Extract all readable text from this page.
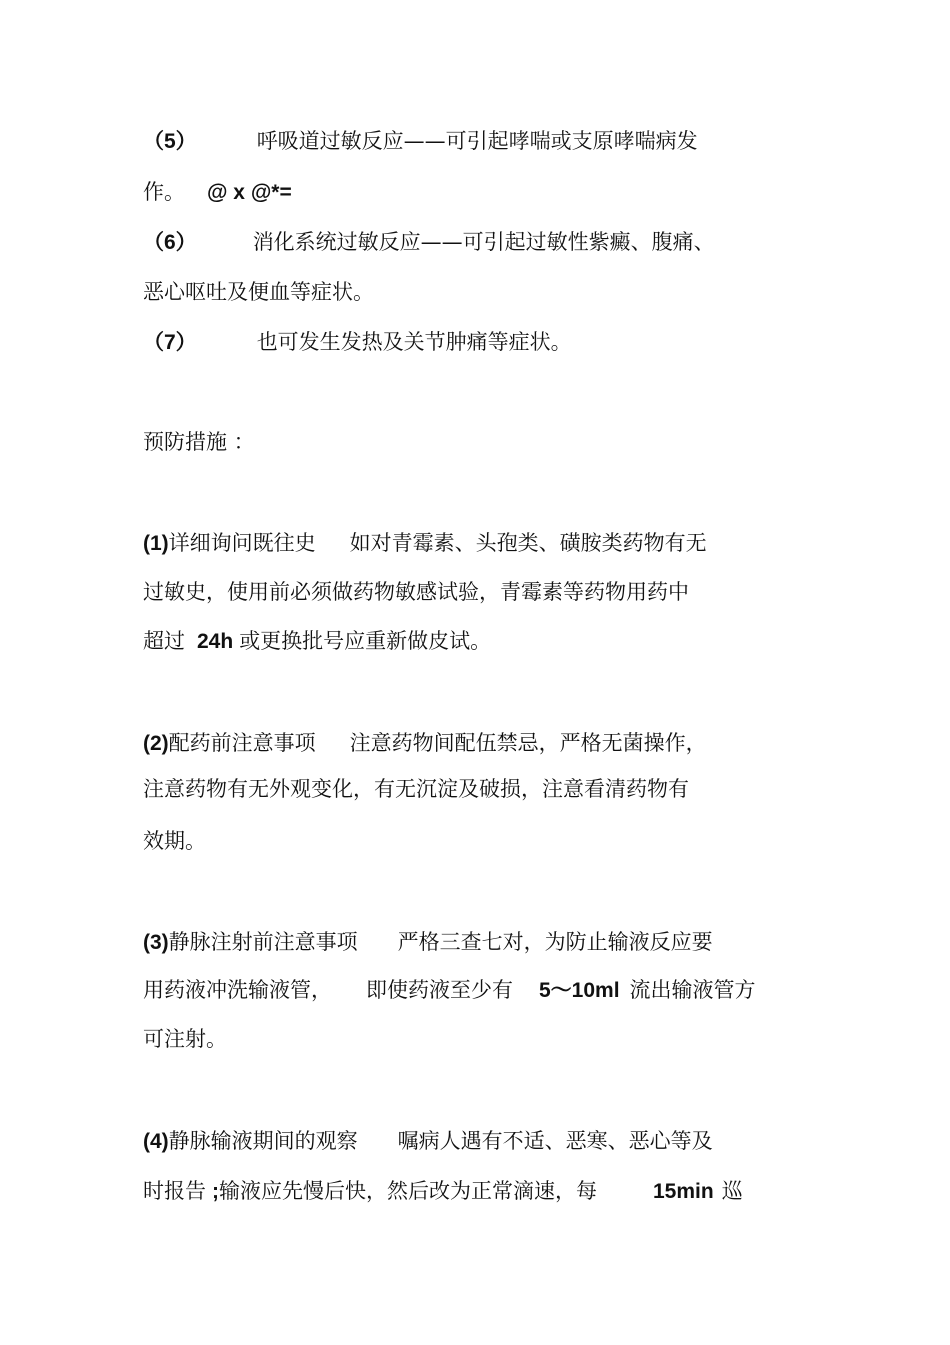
（5）	呼吸道过敏反应——可引起哮喘或支原哮喘病发
作。 @ x @*=
（6）	消化系统过敏反应——可引起过敏性紫癜、腹痛、
恶心呕吐及便血等症状。
（7）	也可发生发热及关节肿痛等症状。
预防措施 ：
(1)详细询问既往史 如对青霉素、头孢类、磺胺类药物有无
过敏史，使用前必须做药物敏感试验，青霉素等药物用药中
超过 24h 或更换批号应重新做皮试。
(2)配药前注意事项 注意药物间配伍禁忌，严格无菌操作，
注意药物有无外观变化，有无沉淀及破损，注意看清药物有
效期。
(3)静脉注射前注意事项 严格三查七对，为防止输液反应要
用药液冲洗输液管， 即使药液至少有 5～10ml 流出输液管方
可注射。
(4)静脉输液期间的观察 嘱病人遇有不适、恶寒、恶心等及
时报告 ;输液应先慢后快，然后改为正常滴速，每	15min 巡
